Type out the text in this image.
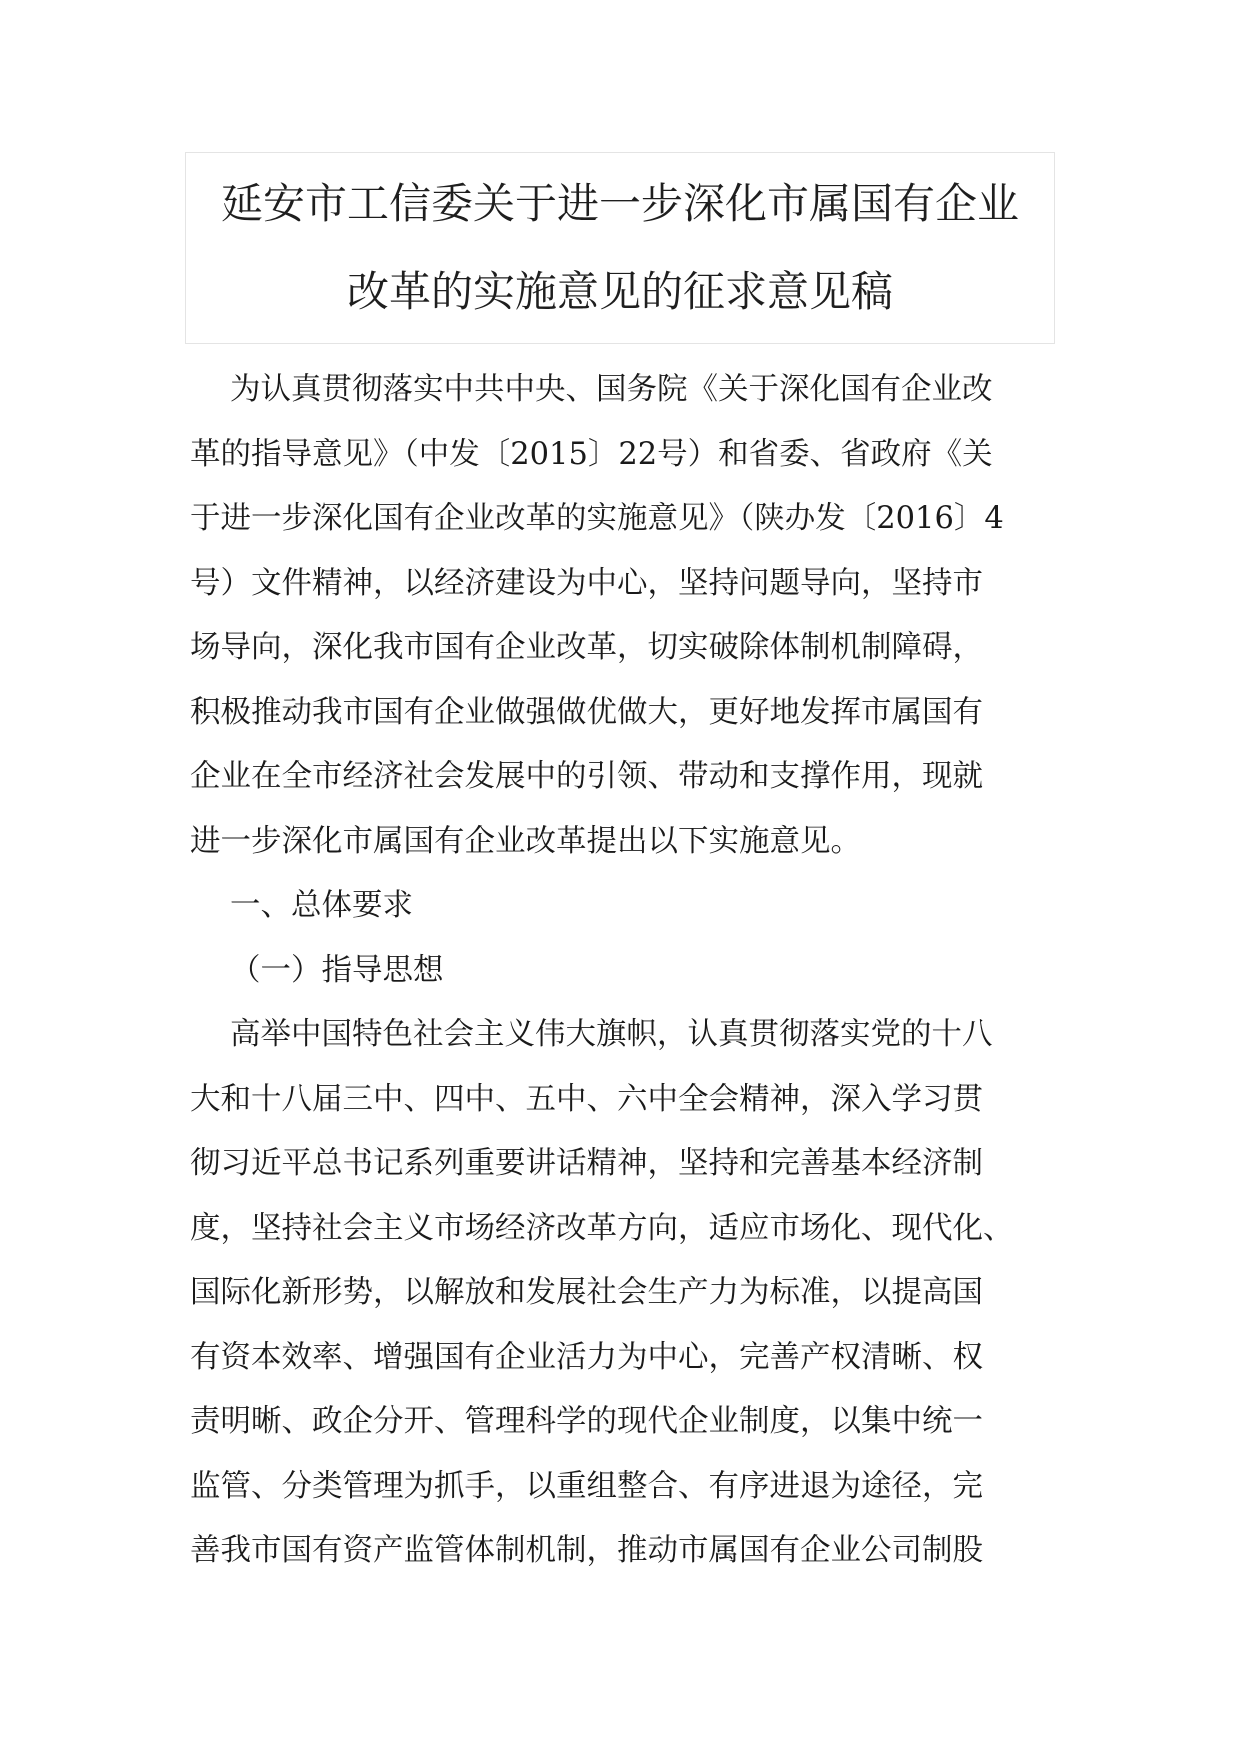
延安市工信委关于进一步深化市属国有企业
改革的实施意见的征求意见稿
为认真贯彻落实中共中央、国务院《关于深化国有企业改
革的指导意见》（中发〔2015〕22号）和省委、省政府《关
于进一步深化国有企业改革的实施意见》（陕办发〔2016〕4
号）文件精神，以经济建设为中心，坚持问题导向，坚持市
场导向，深化我市国有企业改革，切实破除体制机制障碍，
积极推动我市国有企业做强做优做大，更好地发挥市属国有
企业在全市经济社会发展中的引领、带动和支撑作用，现就
进一步深化市属国有企业改革提出以下实施意见。
一、总体要求
（一）指导思想
高举中国特色社会主义伟大旗帜，认真贯彻落实党的十八
大和十八届三中、四中、五中、六中全会精神，深入学习贯
彻习近平总书记系列重要讲话精神，坚持和完善基本经济制
度，坚持社会主义市场经济改革方向，适应市场化、现代化、
国际化新形势，以解放和发展社会生产力为标准，以提高国
有资本效率、增强国有企业活力为中心，完善产权清晰、权
责明晰、政企分开、管理科学的现代企业制度，以集中统一
监管、分类管理为抓手，以重组整合、有序进退为途径，完
善我市国有资产监管体制机制，推动市属国有企业公司制股
